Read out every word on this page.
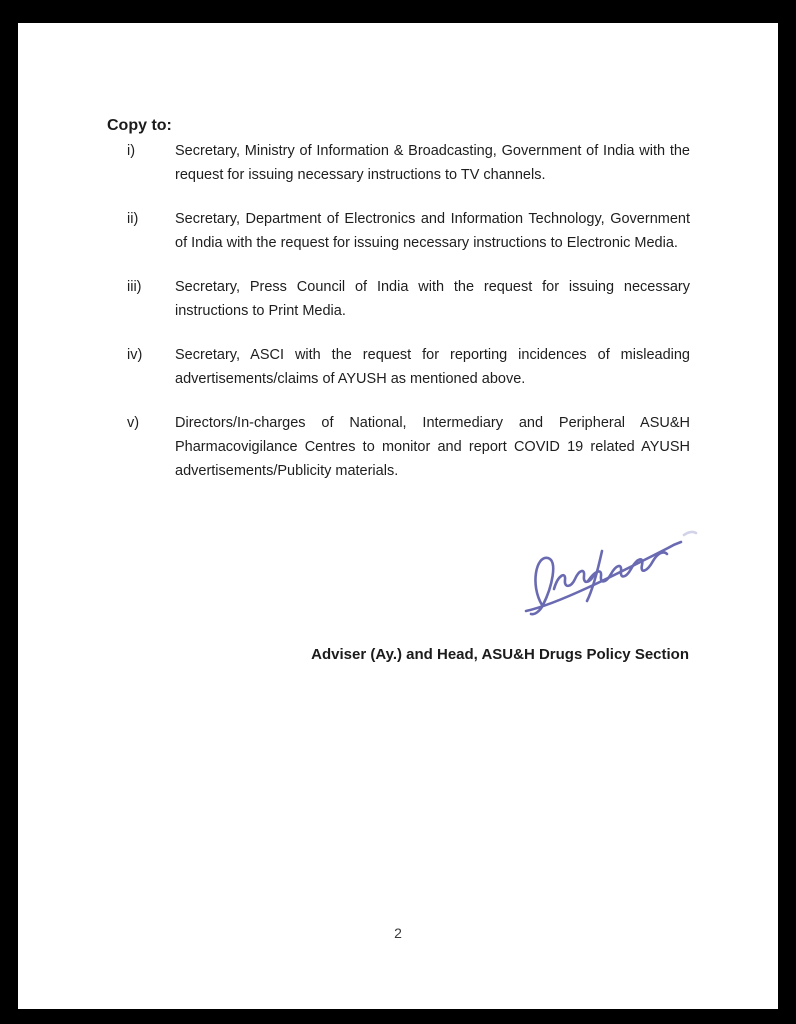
Copy to:
i)	Secretary, Ministry of Information & Broadcasting, Government of India with the request for issuing necessary instructions to TV channels.
ii)	Secretary, Department of Electronics and Information Technology, Government of India with the request for issuing necessary instructions to Electronic Media.
iii)	Secretary, Press Council of India with the request for issuing necessary instructions to Print Media.
iv)	Secretary, ASCI with the request for reporting incidences of misleading advertisements/claims of AYUSH as mentioned above.
v)	Directors/In-charges of National, Intermediary and Peripheral ASU&H Pharmacovigilance Centres to monitor and report COVID 19 related AYUSH advertisements/Publicity materials.
Adviser (Ay.) and Head, ASU&H Drugs Policy Section
2
